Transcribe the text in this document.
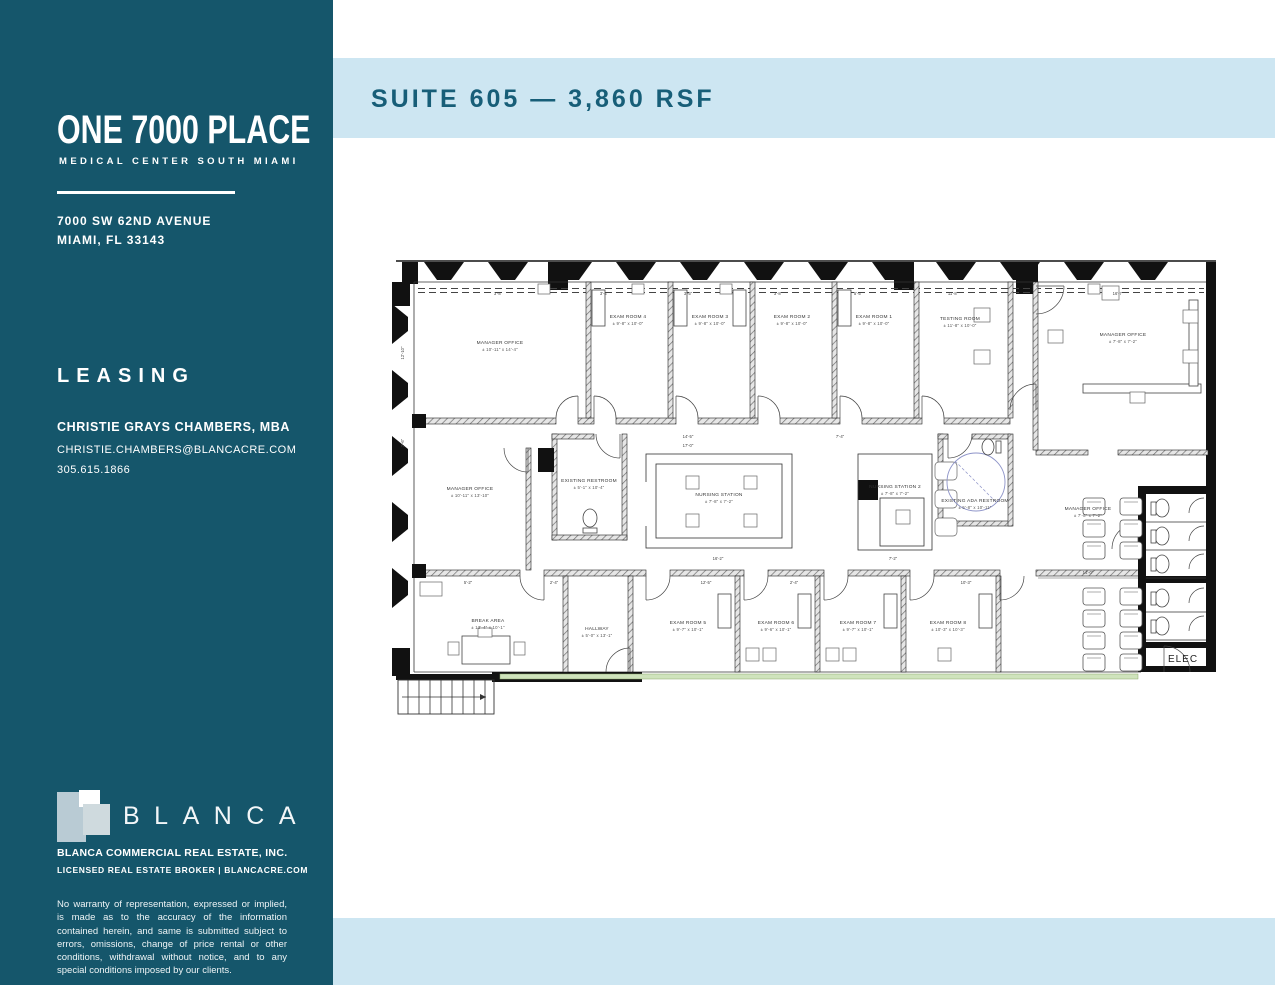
ONE 7000 PLACE
MEDICAL CENTER SOUTH MIAMI
7000 SW 62ND AVENUE
MIAMI, FL 33143
LEASING
CHRISTIE GRAYS CHAMBERS, MBA
CHRISTIE.CHAMBERS@BLANCACRE.COM
305.615.1866
BLANCA
BLANCA COMMERCIAL REAL ESTATE, INC.
LICENSED REAL ESTATE BROKER | BLANCACRE.COM
No warranty of representation, expressed or implied, is made as to the accuracy of the information contained herein, and same is submitted subject to errors, omissions, change of price rental or other conditions, withdrawal without notice, and to any special conditions imposed by our clients.
SUITE 605 — 3,860 RSF
MANAGER OFFICE
± 10'-11" x 14'-4"
EXAM ROOM 4
± 9'-8" x 10'-0"
EXAM ROOM 3
± 9'-8" x 10'-0"
EXAM ROOM 2
± 9'-8" x 10'-0"
EXAM ROOM 1
± 9'-8" x 10'-0"
TESTING ROOM
± 11'-8" x 10'-0"
MANAGER OFFICE
± 7'-8" x 7'-2"
MANAGER OFFICE
± 10'-11" x 13'-10"
EXISTING RESTROOM
± 5'-1" x 10'-4"
NURSING STATION
± 7'-8" x 7'-2"
NURSING STATION 2
± 7'-8" x 7'-2"
EXISTING ADA RESTROOM
± 5'-8" x 10'-11"	MANAGER OFFICE
± 7'-8" x 7'-2"
BREAK AREA
± 13'-4" x 10'-1"	HALLWAY
± 5'-0" x 13'-1"
EXAM ROOM 5
± 9'-7" x 10'-1"
EXAM ROOM 6
± 9'-6" x 10'-1"
EXAM ROOM 7
± 9'-7" x 10'-1"
EXAM ROOM 8
± 10'-3" x 10'-3"
ELEC
3'-8"	3'-4"	3'-5"	3'-8"	5'-5"	11'-8"	16'-7"
12'-10"
2'-6"
14'-5"
17'-0"
7'-4"
16'-2"	7'-2"
14'-0"
5'-2"	2'-4"	12'-5"	2'-4"	10'-3"
